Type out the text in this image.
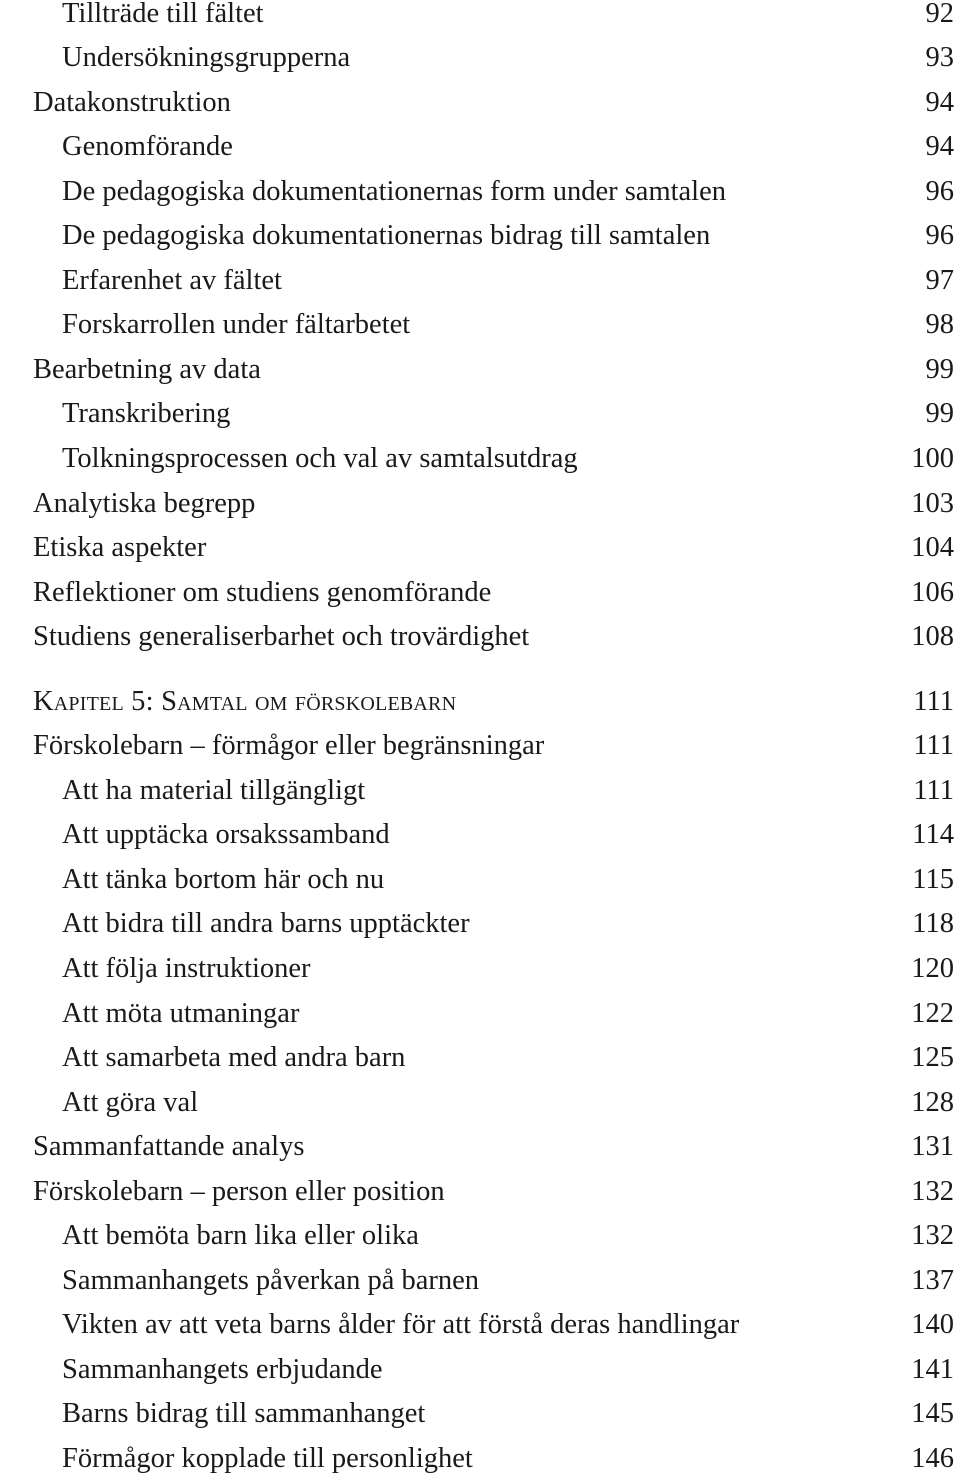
Tillträde till fältet	92
Undersökningsgrupperna	93
Datakonstruktion	94
Genomförande	94
De pedagogiska dokumentationernas form under samtalen	96
De pedagogiska dokumentationernas bidrag till samtalen	96
Erfarenhet av fältet	97
Forskarrollen under fältarbetet	98
Bearbetning av data	99
Transkribering	99
Tolkningsprocessen och val av samtalsutdrag	100
Analytiska begrepp	103
Etiska aspekter	104
Reflektioner om studiens genomförande	106
Studiens generaliserbarhet och trovärdighet	108
Kapitel 5: Samtal om förskolebarn	111
Förskolebarn – förmågor eller begränsningar	111
Att ha material tillgängligt	111
Att upptäcka orsakssamband	114
Att tänka bortom här och nu	115
Att bidra till andra barns upptäckter	118
Att följa instruktioner	120
Att möta utmaningar	122
Att samarbeta med andra barn	125
Att göra val	128
Sammanfattande analys	131
Förskolebarn – person eller position	132
Att bemöta barn lika eller olika	132
Sammanhangets påverkan på barnen	137
Vikten av att veta barns ålder för att förstå deras handlingar	140
Sammanhangets erbjudande	141
Barns bidrag till sammanhanget	145
Förmågor kopplade till personlighet	146
